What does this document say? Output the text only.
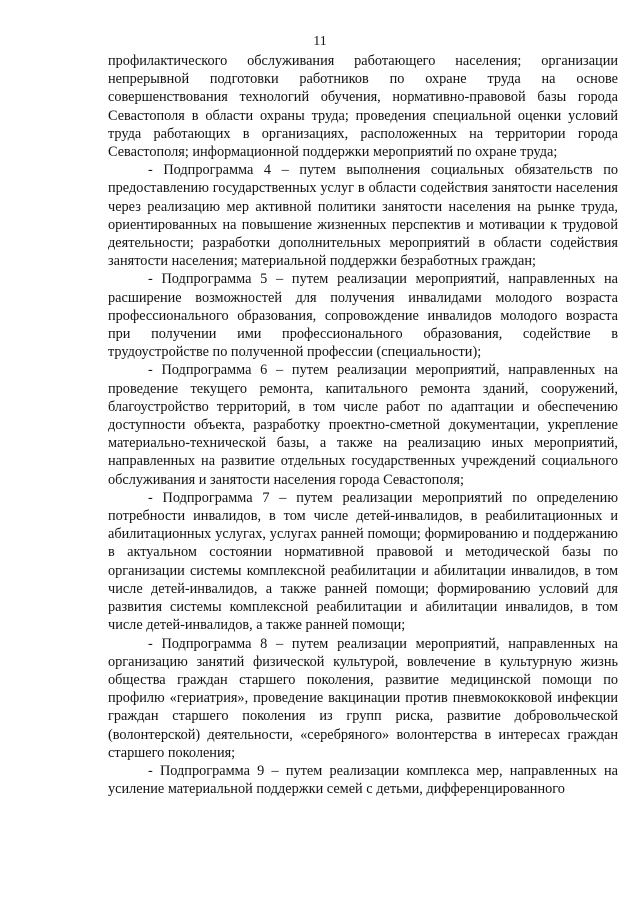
11

профилактического обслуживания работающего населения; организации непрерывной подготовки работников по охране труда на основе совершенствования технологий обучения, нормативно-правовой базы города Севастополя в области охраны труда; проведения специальной оценки условий труда работающих в организациях, расположенных на территории города Севастополя; информационной поддержки мероприятий по охране труда;

- Подпрограмма 4 – путем выполнения социальных обязательств по предоставлению государственных услуг в области содействия занятости населения через реализацию мер активной политики занятости населения на рынке труда, ориентированных на повышение жизненных перспектив и мотивации к трудовой деятельности; разработки дополнительных мероприятий в области содействия занятости населения; материальной поддержки безработных граждан;

- Подпрограмма 5 – путем реализации мероприятий, направленных на расширение возможностей для получения инвалидами молодого возраста профессионального образования, сопровождение инвалидов молодого возраста при получении ими профессионального образования, содействие в трудоустройстве по полученной профессии (специальности);

- Подпрограмма 6 – путем реализации мероприятий, направленных на проведение текущего ремонта, капитального ремонта зданий, сооружений, благоустройство территорий, в том числе работ по адаптации и обеспечению доступности объекта, разработку проектно-сметной документации, укрепление материально-технической базы, а также на реализацию иных мероприятий, направленных на развитие отдельных государственных учреждений социального обслуживания и занятости населения города Севастополя;

- Подпрограмма 7 – путем реализации мероприятий по определению потребности инвалидов, в том числе детей-инвалидов, в реабилитационных и абилитационных услугах, услугах ранней помощи; формированию и поддержанию в актуальном состоянии нормативной правовой и методической базы по организации системы комплексной реабилитации и абилитации инвалидов, в том числе детей-инвалидов, а также ранней помощи; формированию условий для развития системы комплексной реабилитации и абилитации инвалидов, в том числе детей-инвалидов, а также ранней помощи;

- Подпрограмма 8 – путем реализации мероприятий, направленных на организацию занятий физической культурой, вовлечение в культурную жизнь общества граждан старшего поколения, развитие медицинской помощи по профилю «гериатрия», проведение вакцинации против пневмококковой инфекции граждан старшего поколения из групп риска, развитие добровольческой (волонтерской) деятельности, «серебряного» волонтерства в интересах граждан старшего поколения;

- Подпрограмма 9 – путем реализации комплекса мер, направленных на усиление материальной поддержки семей с детьми, дифференцированного
